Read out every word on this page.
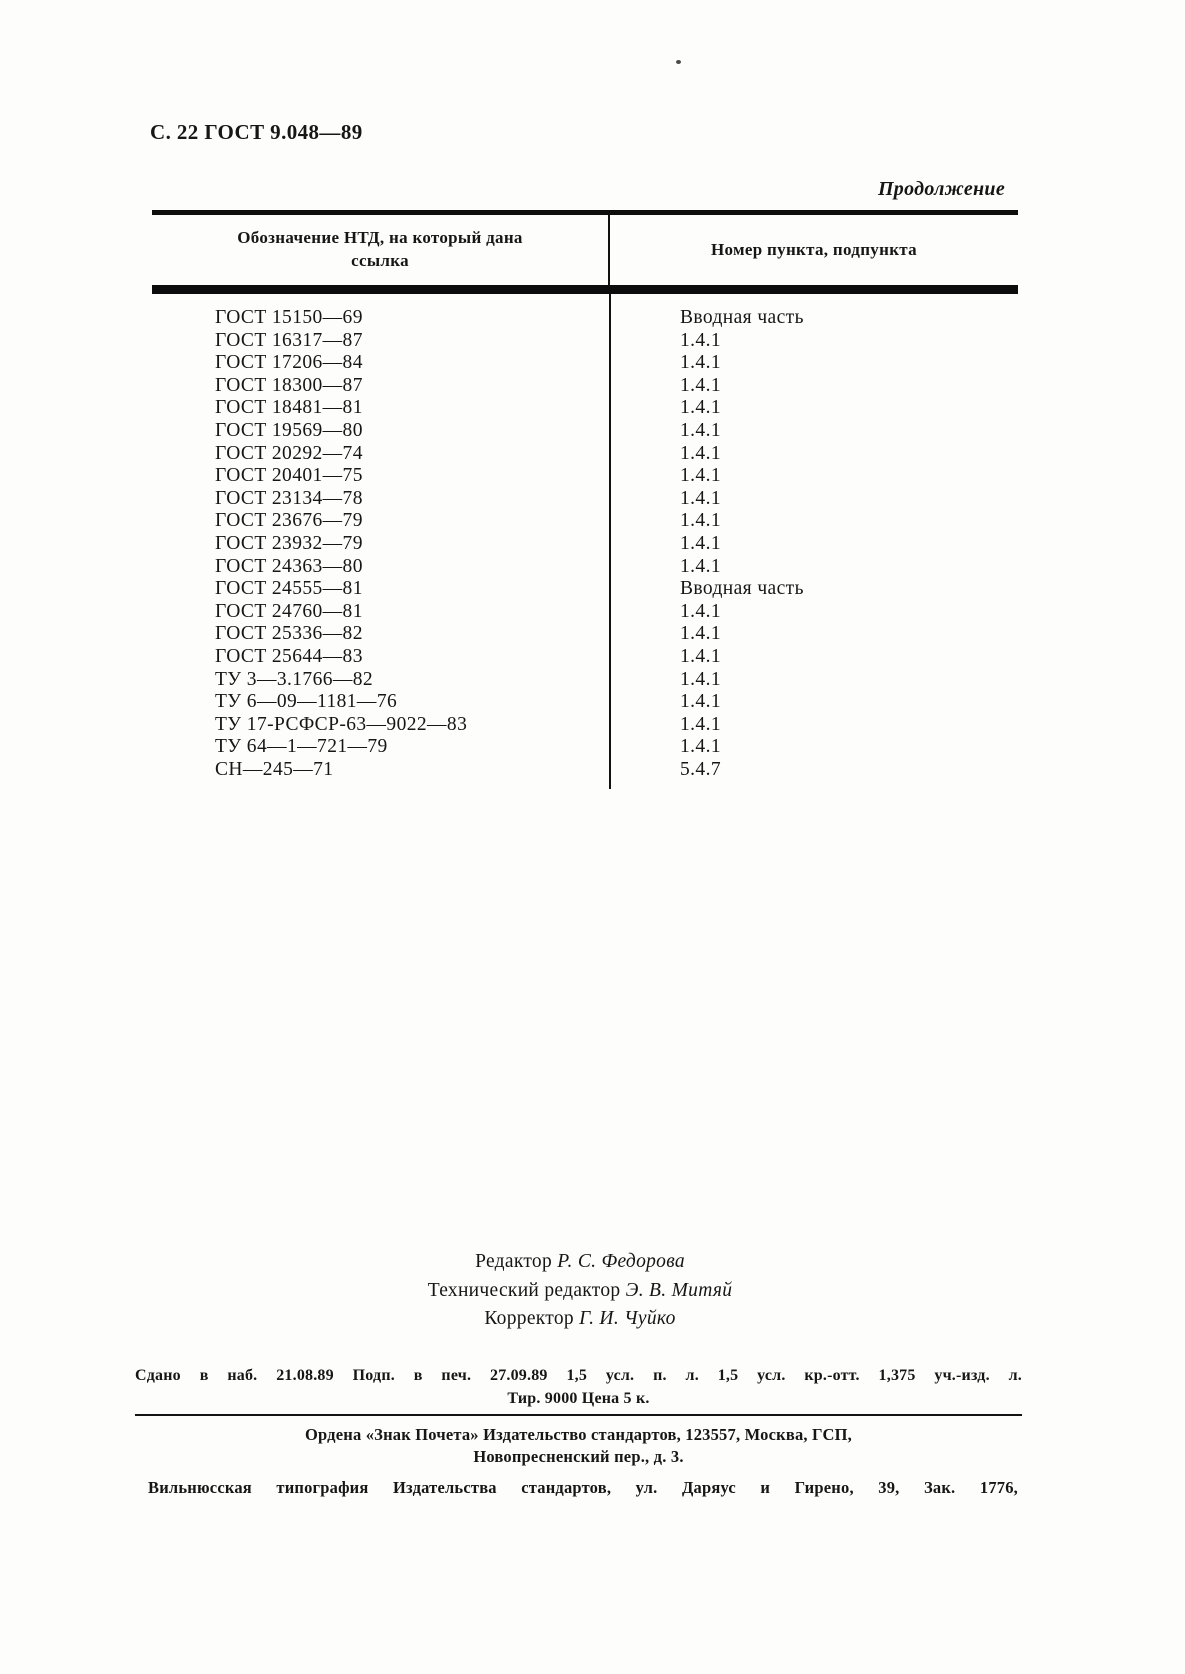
С. 22 ГОСТ 9.048—89
Продолжение
Обозначение НТД, на который дана ссылка
Номер пункта, подпункта
ГОСТ 15150—69	Вводная часть
ГОСТ 16317—87	1.4.1
ГОСТ 17206—84	1.4.1
ГОСТ 18300—87	1.4.1
ГОСТ 18481—81	1.4.1
ГОСТ 19569—80	1.4.1
ГОСТ 20292—74	1.4.1
ГОСТ 20401—75	1.4.1
ГОСТ 23134—78	1.4.1
ГОСТ 23676—79	1.4.1
ГОСТ 23932—79	1.4.1
ГОСТ 24363—80	1.4.1
ГОСТ 24555—81	Вводная часть
ГОСТ 24760—81	1.4.1
ГОСТ 25336—82	1.4.1
ГОСТ 25644—83	1.4.1
ТУ 3—3.1766—82	1.4.1
ТУ 6—09—1181—76	1.4.1
ТУ 17-РСФСР-63—9022—83	1.4.1
ТУ 64—1—721—79	1.4.1
СН—245—71	5.4.7
Редактор Р. С. Федорова
Технический редактор Э. В. Митяй
Корректор Г. И. Чуйко
Сдано в наб. 21.08.89 Подп. в печ. 27.09.89 1,5 усл. п. л. 1,5 усл. кр.-отт. 1,375 уч.-изд. л.
Тир. 9000 Цена 5 к.
Ордена «Знак Почета» Издательство стандартов, 123557, Москва, ГСП,
Новопресненский пер., д. 3.
Вильнюсская типография Издательства стандартов, ул. Даряус и Гирено, 39, Зак. 1776,
